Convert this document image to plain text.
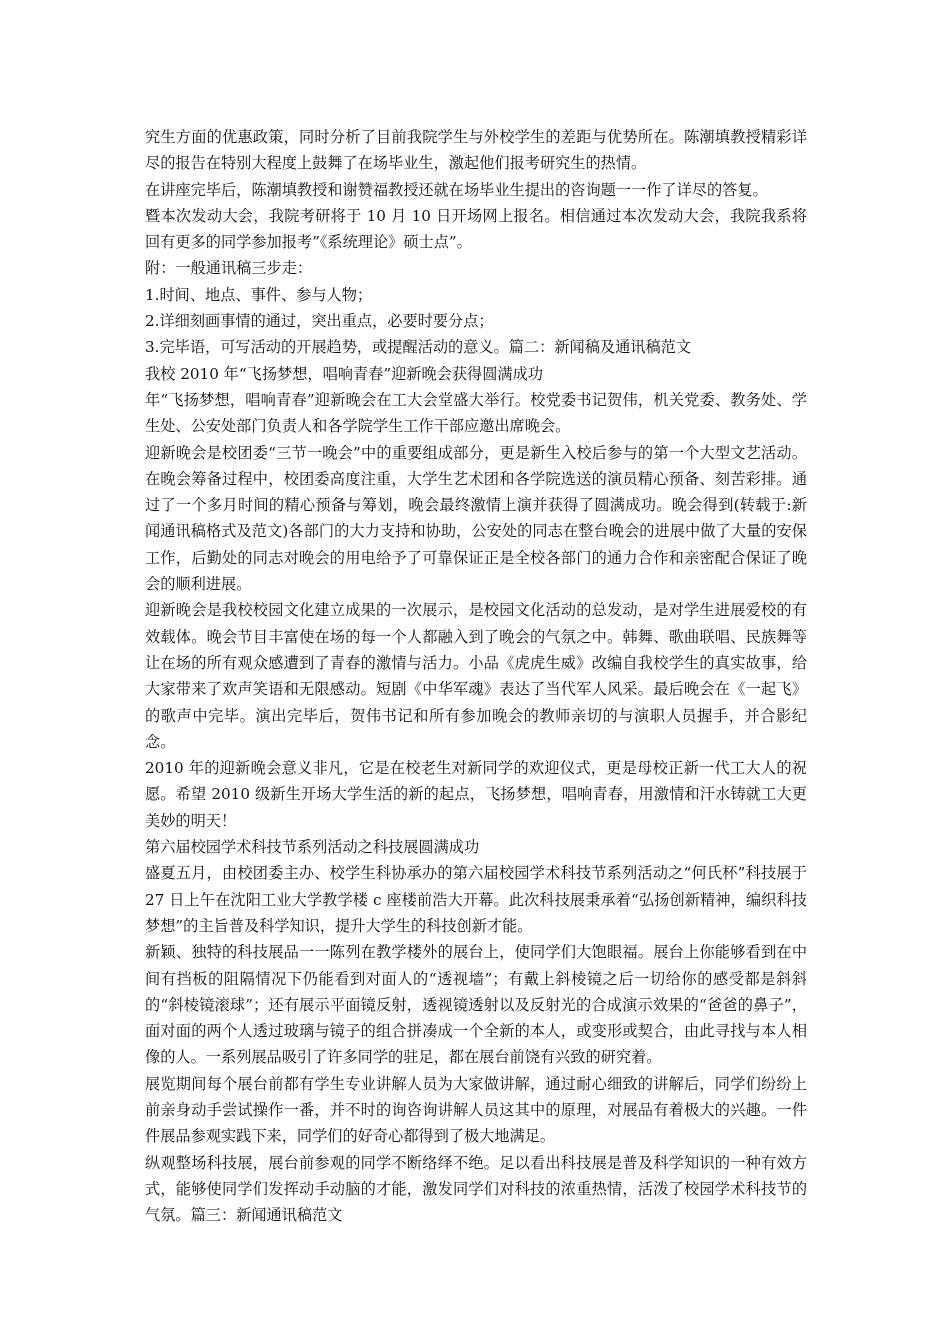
究生方面的优惠政策，同时分析了目前我院学生与外校学生的差距与优势所在。陈潮填教授精彩详尽的报告在特别大程度上鼓舞了在场毕业生，激起他们报考研究生的热情。

在讲座完毕后，陈潮填教授和谢赞福教授还就在场毕业生提出的咨询题一一作了详尽的答复。

暨本次发动大会，我院考研将于 10 月 10 日开场网上报名。相信通过本次发动大会，我院我系将回有更多的同学参加报考”《系统理论》硕士点”。

附：一般通讯稿三步走：

1.时间、地点、事件、参与人物；

2.详细刻画事情的通过，突出重点，必要时要分点；

3.完毕语，可写活动的开展趋势，或提醒活动的意义。篇二：新闻稿及通讯稿范文

我校 2010 年“飞扬梦想，唱响青春”迎新晚会获得圆满成功

年“飞扬梦想，唱响青春”迎新晚会在工大会堂盛大举行。校党委书记贺伟，机关党委、教务处、学生处、公安处部门负责人和各学院学生工作干部应邀出席晚会。

迎新晚会是校团委“三节一晚会”中的重要组成部分，更是新生入校后参与的第一个大型文艺活动。在晚会筹备过程中，校团委高度注重，大学生艺术团和各学院选送的演员精心预备、刻苦彩排。通过了一个多月时间的精心预备与筹划，晚会最终激情上演并获得了圆满成功。晚会得到(转载于:新闻通讯稿格式及范文)各部门的大力支持和协助，公安处的同志在整台晚会的进展中做了大量的安保工作，后勤处的同志对晚会的用电给予了可靠保证正是全校各部门的通力合作和亲密配合保证了晚会的顺利进展。

迎新晚会是我校校园文化建立成果的一次展示，是校园文化活动的总发动，是对学生进展爱校的有效载体。晚会节目丰富使在场的每一个人都融入到了晚会的气氛之中。韩舞、歌曲联唱、民族舞等让在场的所有观众感遭到了青春的激情与活力。小品《虎虎生威》改编自我校学生的真实故事，给大家带来了欢声笑语和无限感动。短剧《中华军魂》表达了当代军人风采。最后晚会在《一起飞》的歌声中完毕。演出完毕后，贺伟书记和所有参加晚会的教师亲切的与演职人员握手，并合影纪念。

2010 年的迎新晚会意义非凡，它是在校老生对新同学的欢迎仪式，更是母校正新一代工大人的祝愿。希望 2010 级新生开场大学生活的新的起点，飞扬梦想，唱响青春，用激情和汗水铸就工大更美妙的明天！

第六届校园学术科技节系列活动之科技展圆满成功

盛夏五月，由校团委主办、校学生科协承办的第六届校园学术科技节系列活动之“何氏杯”科技展于 27 日上午在沈阳工业大学教学楼 c 座楼前浩大开幕。此次科技展秉承着“弘扬创新精神，编织科技梦想”的主旨普及科学知识，提升大学生的科技创新才能。

新颖、独特的科技展品一一陈列在教学楼外的展台上，使同学们大饱眼福。展台上你能够看到在中间有挡板的阻隔情况下仍能看到对面人的“透视墙”；有戴上斜棱镜之后一切给你的感受都是斜斜的“斜棱镜滚球”；还有展示平面镜反射，透视镜透射以及反射光的合成演示效果的“爸爸的鼻子”，面对面的两个人透过玻璃与镜子的组合拼凑成一个全新的本人，或变形或契合，由此寻找与本人相像的人。一系列展品吸引了许多同学的驻足，都在展台前饶有兴致的研究着。

展览期间每个展台前都有学生专业讲解人员为大家做讲解，通过耐心细致的讲解后，同学们纷纷上前亲身动手尝试操作一番，并不时的询咨询讲解人员这其中的原理，对展品有着极大的兴趣。一件件展品参观实践下来，同学们的好奇心都得到了极大地满足。

纵观整场科技展，展台前参观的同学不断络绎不绝。足以看出科技展是普及科学知识的一种有效方式，能够使同学们发挥动手动脑的才能，激发同学们对科技的浓重热情，活泼了校园学术科技节的气氛。篇三：新闻通讯稿范文
